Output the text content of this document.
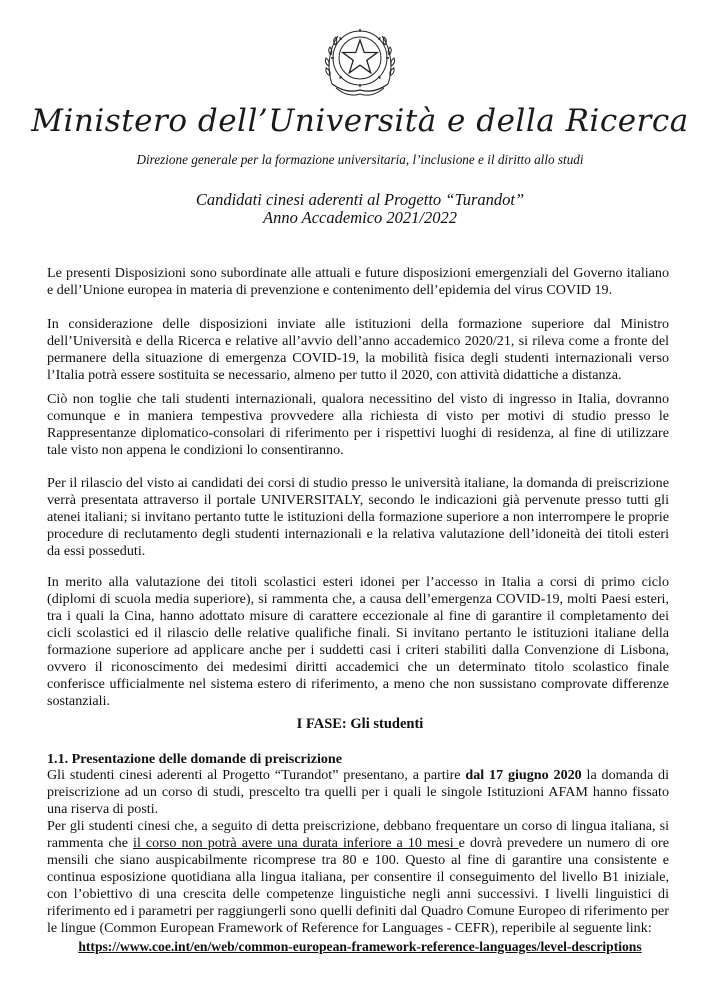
Ministero dell’Università e della Ricerca
Direzione generale per la formazione universitaria, l’inclusione e il diritto allo studi
Candidati cinesi aderenti al Progetto “Turandot”
Anno Accademico 2021/2022

Le presenti Disposizioni sono subordinate alle attuali e future disposizioni emergenziali del Governo italiano e dell’Unione europea in materia di prevenzione e contenimento dell’epidemia del virus COVID 19.

In considerazione delle disposizioni inviate alle istituzioni della formazione superiore dal Ministro dell’Università e della Ricerca e relative all’avvio dell’anno accademico 2020/21, si rileva come a fronte del permanere della situazione di emergenza COVID-19, la mobilità fisica degli studenti internazionali verso l’Italia potrà essere sostituita se necessario, almeno per tutto il 2020, con attività didattiche a distanza.

Ciò non toglie che tali studenti internazionali, qualora necessitino del visto di ingresso in Italia, dovranno comunque e in maniera tempestiva provvedere alla richiesta di visto per motivi di studio presso le Rappresentanze diplomatico-consolari di riferimento per i rispettivi luoghi di residenza, al fine di utilizzare tale visto non appena le condizioni lo consentiranno.

Per il rilascio del visto ai candidati dei corsi di studio presso le università italiane, la domanda di preiscrizione verrà presentata attraverso il portale UNIVERSITALY, secondo le indicazioni già pervenute presso tutti gli atenei italiani; si invitano pertanto tutte le istituzioni della formazione superiore a non interrompere le proprie procedure di reclutamento degli studenti internazionali e la relativa valutazione dell’idoneità dei titoli esteri da essi posseduti.

In merito alla valutazione dei titoli scolastici esteri idonei per l’accesso in Italia a corsi di primo ciclo (diplomi di scuola media superiore), si rammenta che, a causa dell’emergenza COVID-19, molti Paesi esteri, tra i quali la Cina, hanno adottato misure di carattere eccezionale al fine di garantire il completamento dei cicli scolastici ed il rilascio delle relative qualifiche finali. Si invitano pertanto le istituzioni italiane della formazione superiore ad applicare anche per i suddetti casi i criteri stabiliti dalla Convenzione di Lisbona, ovvero il riconoscimento dei medesimi diritti accademici che un determinato titolo scolastico finale conferisce ufficialmente nel sistema estero di riferimento, a meno che non sussistano comprovate differenze sostanziali.

I FASE: Gli studenti
1.1. Presentazione delle domande di preiscrizione

Gli studenti cinesi aderenti al Progetto “Turandot” presentano, a partire dal 17 giugno 2020 la domanda di preiscrizione ad un corso di studi, prescelto tra quelli per i quali le singole Istituzioni AFAM hanno fissato una riserva di posti.

Per gli studenti cinesi che, a seguito di detta preiscrizione, debbano frequentare un corso di lingua italiana, si rammenta che il corso non potrà avere una durata inferiore a 10 mesi e dovrà prevedere un numero di ore mensili che siano auspicabilmente ricomprese tra 80 e 100. Questo al fine di garantire una consistente e continua esposizione quotidiana alla lingua italiana, per consentire il conseguimento del livello B1 iniziale, con l’obiettivo di una crescita delle competenze linguistiche negli anni successivi. I livelli linguistici di riferimento ed i parametri per raggiungerli sono quelli definiti dal Quadro Comune Europeo di riferimento per le lingue (Common European Framework of Reference for Languages - CEFR), reperibile al seguente link:

https://www.coe.int/en/web/common-european-framework-reference-languages/level-descriptions
